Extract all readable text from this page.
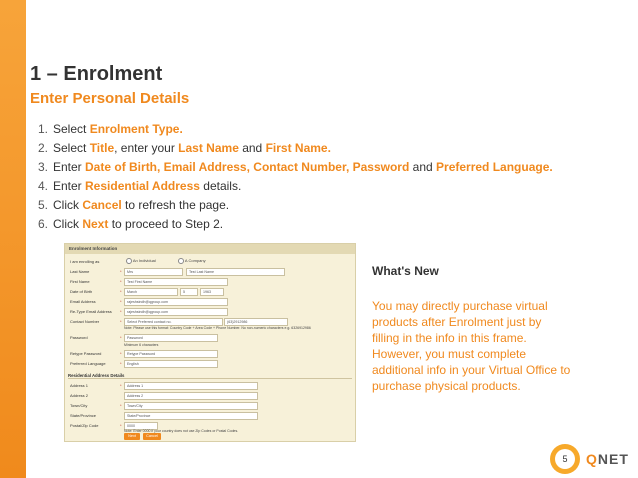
1 – Enrolment
Enter Personal Details
1. Select Enrolment Type.
2. Select Title, enter your Last Name and First Name.
3. Enter Date of Birth, Email Address, Contact Number, Password and Preferred Language.
4. Enter Residential Address details.
5. Click Cancel to refresh the page.
6. Click Next to proceed to Step 2.
Enrolment Information
I am enrolling as	An Individual	A Company
Last Name	*	Mrs	Test Last Name
First Name	*	Test First Name
Date of Birth	*	March	5	1963
Email Address	*	rajeshsindh@qgroup.com
Re-Type Email Address *	rajeshsindh@qgroup.com
Contact Number	*	Select Preferred contact no.	(63)2912986
Note: Please use this format: Country Code + Area Code + Phone Number. No non-numeric characters e.g. 6326912986
Password	*	Password
Minimum 6 characters
Retype Password	*	Retype Password
Preferred Language	*	English
Residential Address Details
Address 1	*	Address 1
Address 2	Address 2
Town/City	*	Town/City
State/Province	State/Province
Postal/Zip Code	*	0000
Note: Enter 0000 if your country does not use Zip Codes or Postal Codes.
Next	Cancel
What's New

You may directly purchase virtual products after Enrolment just by filling in the info in this frame. However, you must complete additional info in your Virtual Office to purchase physical products.

5	QNET
